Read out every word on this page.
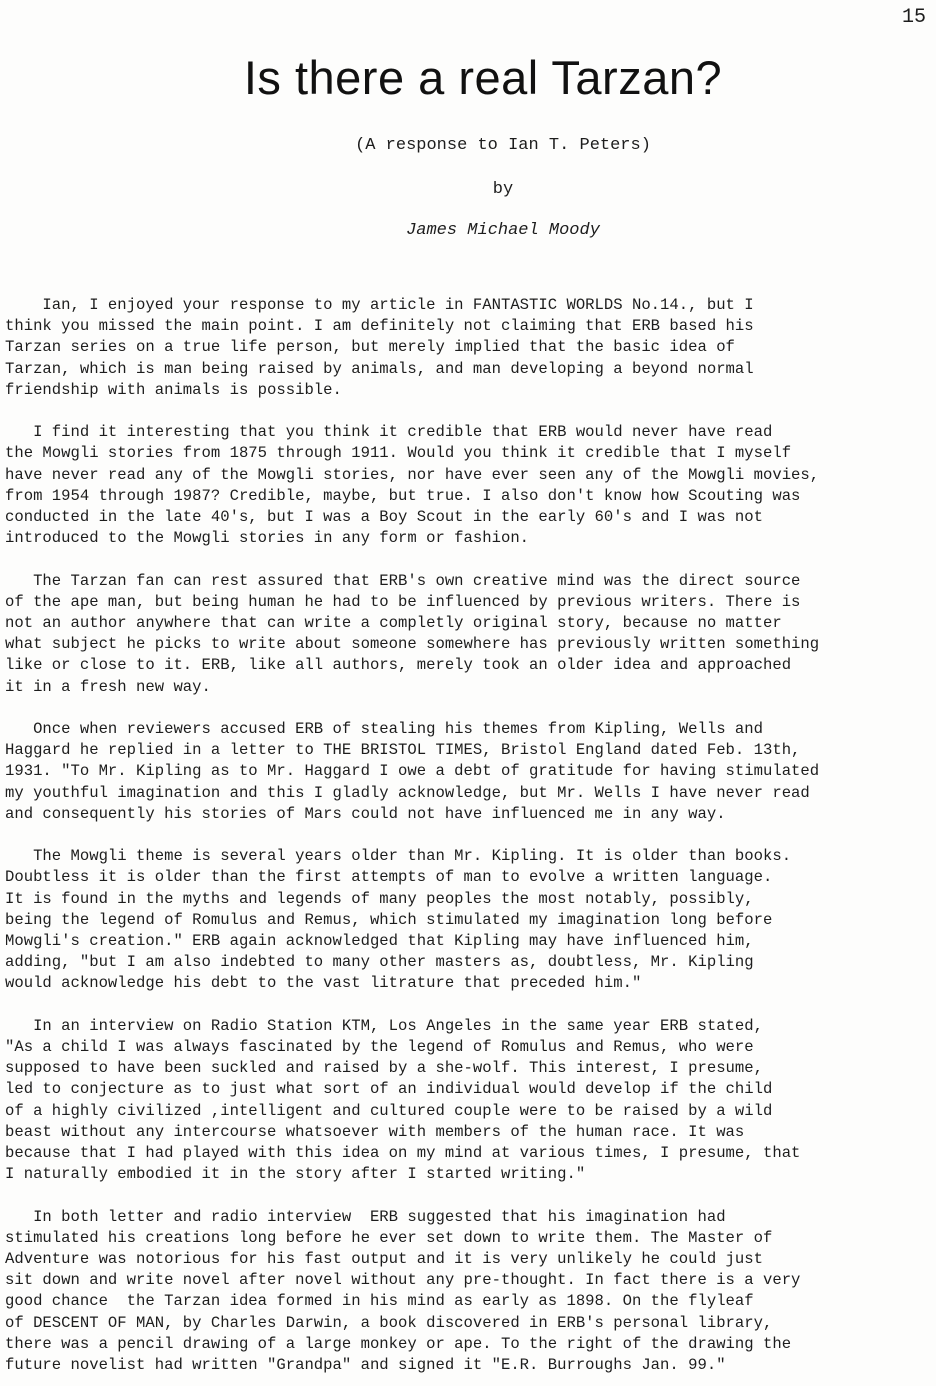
15
Is there a real Tarzan?
(A response to Ian T. Peters)
by
James Michael Moody
Ian, I enjoyed your response to my article in FANTASTIC WORLDS No.14., but I
think you missed the main point. I am definitely not claiming that ERB based his
Tarzan series on a true life person, but merely implied that the basic idea of
Tarzan, which is man being raised by animals, and man developing a beyond normal
friendship with animals is possible.
I find it interesting that you think it credible that ERB would never have read
the Mowgli stories from 1875 through 1911. Would you think it credible that I myself
have never read any of the Mowgli stories, nor have ever seen any of the Mowgli movies,
from 1954 through 1987? Credible, maybe, but true. I also don't know how Scouting was
conducted in the late 40's, but I was a Boy Scout in the early 60's and I was not
introduced to the Mowgli stories in any form or fashion.
The Tarzan fan can rest assured that ERB's own creative mind was the direct source
of the ape man, but being human he had to be influenced by previous writers. There is
not an author anywhere that can write a completly original story, because no matter
what subject he picks to write about someone somewhere has previously written something
like or close to it. ERB, like all authors, merely took an older idea and approached
it in a fresh new way.
Once when reviewers accused ERB of stealing his themes from Kipling, Wells and
Haggard he replied in a letter to THE BRISTOL TIMES, Bristol England dated Feb. 13th,
1931. "To Mr. Kipling as to Mr. Haggard I owe a debt of gratitude for having stimulated
my youthful imagination and this I gladly acknowledge, but Mr. Wells I have never read
and consequently his stories of Mars could not have influenced me in any way.
The Mowgli theme is several years older than Mr. Kipling. It is older than books.
Doubtless it is older than the first attempts of man to evolve a written language.
It is found in the myths and legends of many peoples the most notably, possibly,
being the legend of Romulus and Remus, which stimulated my imagination long before
Mowgli's creation." ERB again acknowledged that Kipling may have influenced him,
adding, "but I am also indebted to many other masters as, doubtless, Mr. Kipling
would acknowledge his debt to the vast litrature that preceded him."
In an interview on Radio Station KTM, Los Angeles in the same year ERB stated,
"As a child I was always fascinated by the legend of Romulus and Remus, who were
supposed to have been suckled and raised by a she-wolf. This interest, I presume,
led to conjecture as to just what sort of an individual would develop if the child
of a highly civilized ,intelligent and cultured couple were to be raised by a wild
beast without any intercourse whatsoever with members of the human race. It was
because that I had played with this idea on my mind at various times, I presume, that
I naturally embodied it in the story after I started writing."
In both letter and radio interview  ERB suggested that his imagination had
stimulated his creations long before he ever set down to write them. The Master of
Adventure was notorious for his fast output and it is very unlikely he could just
sit down and write novel after novel without any pre-thought. In fact there is a very
good chance  the Tarzan idea formed in his mind as early as 1898. On the flyleaf
of DESCENT OF MAN, by Charles Darwin, a book discovered in ERB's personal library,
there was a pencil drawing of a large monkey or ape. To the right of the drawing the
future novelist had written "Grandpa" and signed it "E.R. Burroughs Jan. 99."
